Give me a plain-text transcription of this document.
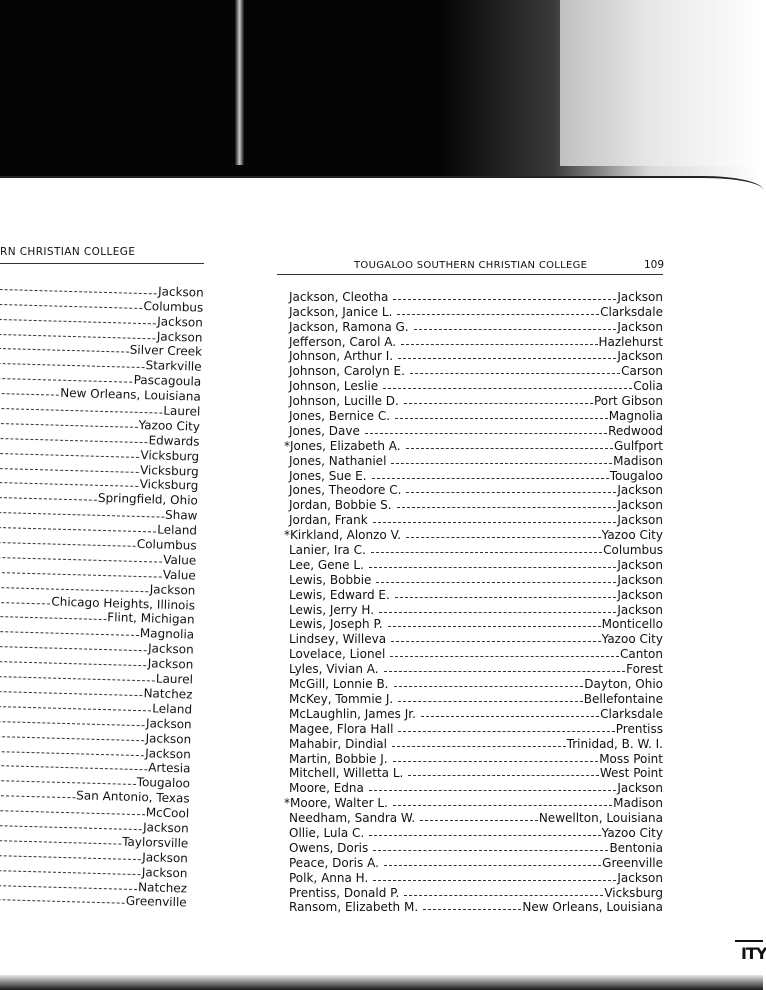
RN CHRISTIAN COLLEGE
TOUGALOO SOUTHERN CHRISTIAN COLLEGE	109
Jackson
Columbus
Jackson
Jackson
Silver Creek
Starkville
Pascagoula
New Orleans, Louisiana
Laurel
Yazoo City
Edwards
Vicksburg
Vicksburg
Vicksburg
Springfield, Ohio
Shaw
Leland
Columbus
Value
Value
Jackson
Chicago Heights, Illinois
Flint, Michigan
Magnolia
Jackson
Jackson
Laurel
Natchez
Leland
Jackson
Jackson
Jackson
Artesia
Tougaloo
San Antonio, Texas
McCool
Jackson
Taylorsville
Jackson
Jackson
Natchez
Greenville
Jackson, Cleotha	Jackson
Jackson, Janice L.	Clarksdale
Jackson, Ramona G.	Jackson
Jefferson, Carol A.	Hazlehurst
Johnson, Arthur I.	Jackson
Johnson, Carolyn E.	Carson
Johnson, Leslie	Colia
Johnson, Lucille D.	Port Gibson
Jones, Bernice C.	Magnolia
Jones, Dave	Redwood
*Jones, Elizabeth A.	Gulfport
Jones, Nathaniel	Madison
Jones, Sue E.	Tougaloo
Jones, Theodore C.	Jackson
Jordan, Bobbie S.	Jackson
Jordan, Frank	Jackson
*Kirkland, Alonzo V.	Yazoo City
Lanier, Ira C.	Columbus
Lee, Gene L.	Jackson
Lewis, Bobbie	Jackson
Lewis, Edward E.	Jackson
Lewis, Jerry H.	Jackson
Lewis, Joseph P.	Monticello
Lindsey, Willeva	Yazoo City
Lovelace, Lionel	Canton
Lyles, Vivian A.	Forest
McGill, Lonnie B.	Dayton, Ohio
McKey, Tommie J.	Bellefontaine
McLaughlin, James Jr.	Clarksdale
Magee, Flora Hall	Prentiss
Mahabir, Dindial	Trinidad, B. W. I.
Martin, Bobbie J.	Moss Point
Mitchell, Willetta L.	West Point
Moore, Edna	Jackson
*Moore, Walter L.	Madison
Needham, Sandra W.	Newellton, Louisiana
Ollie, Lula C.	Yazoo City
Owens, Doris	Bentonia
Peace, Doris A.	Greenville
Polk, Anna H.	Jackson
Prentiss, Donald P.	Vicksburg
Ransom, Elizabeth M.	New Orleans, Louisiana
ITY
